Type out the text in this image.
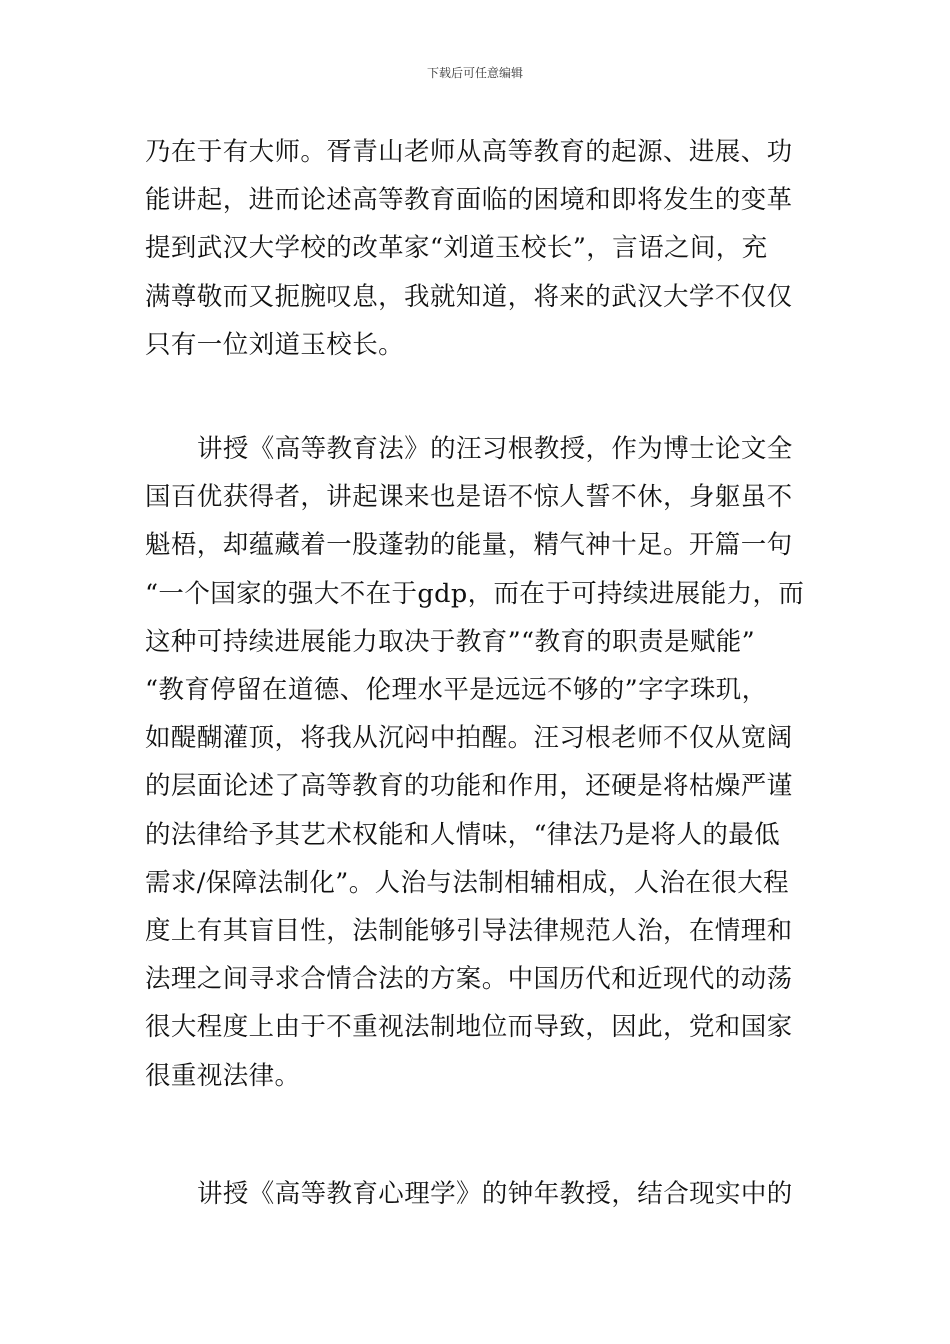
下载后可任意编辑
乃在于有大师。胥青山老师从高等教育的起源、进展、功
能讲起，进而论述高等教育面临的困境和即将发生的变革
提到武汉大学校的改革家“刘道玉校长”，言语之间，充
满尊敬而又扼腕叹息，我就知道，将来的武汉大学不仅仅
只有一位刘道玉校长。
讲授《高等教育法》的汪习根教授，作为博士论文全
国百优获得者，讲起课来也是语不惊人誓不休，身躯虽不
魁梧，却蕴藏着一股蓬勃的能量，精气神十足。开篇一句
“一个国家的强大不在于gdp，而在于可持续进展能力，而
这种可持续进展能力取决于教育”“教育的职责是赋能”
“教育停留在道德、伦理水平是远远不够的”字字珠玑，
如醍醐灌顶，将我从沉闷中拍醒。汪习根老师不仅从宽阔
的层面论述了高等教育的功能和作用，还硬是将枯燥严谨
的法律给予其艺术权能和人情味，“律法乃是将人的最低
需求/保障法制化”。人治与法制相辅相成，人治在很大程
度上有其盲目性，法制能够引导法律规范人治，在情理和
法理之间寻求合情合法的方案。中国历代和近现代的动荡
很大程度上由于不重视法制地位而导致，因此，党和国家
很重视法律。
讲授《高等教育心理学》的钟年教授，结合现实中的
